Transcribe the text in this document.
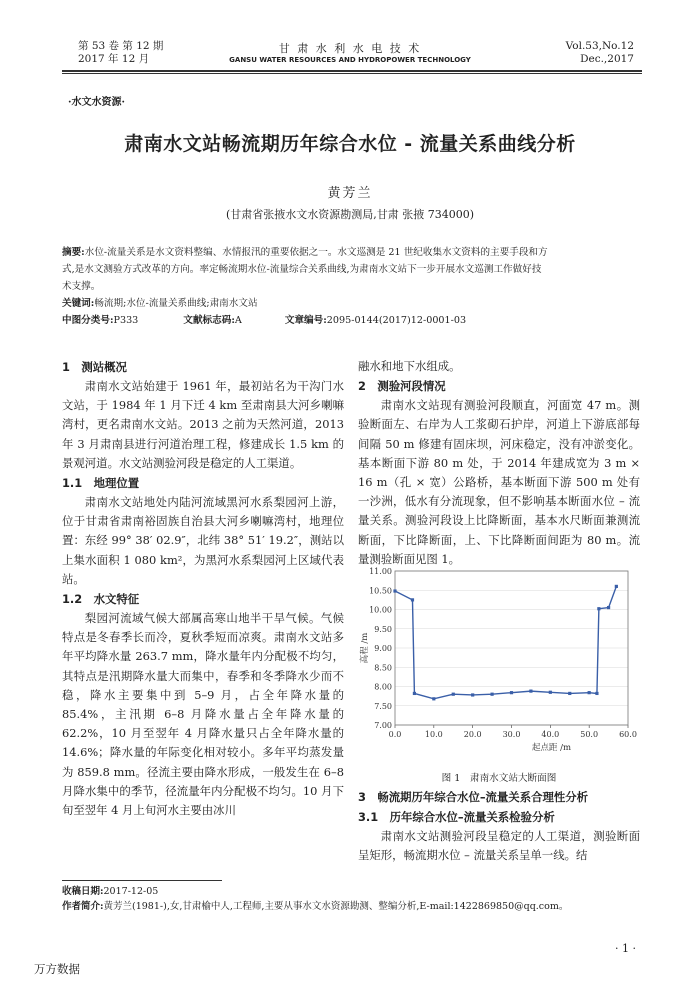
第 53 卷 第 12 期
2017 年 12 月
甘 肃 水 利 水 电 技 术
GANSU WATER RESOURCES AND HYDROPOWER TECHNOLOGY
Vol.53,No.12
Dec.,2017
·水文水资源·
肃南水文站畅流期历年综合水位 - 流量关系曲线分析
黄芳兰
(甘肃省张掖水文水资源勘测局,甘肃 张掖 734000)
摘要:水位-流量关系是水文资料整编、水情报汛的重要依据之一。水文巡测是 21 世纪收集水文资料的主要手段和方
式,是水文测验方式改革的方向。率定畅流期水位-流量综合关系曲线,为肃南水文站下一步开展水文巡测工作做好技
术支撑。
关键词:畅流期;水位-流量关系曲线;肃南水文站
中图分类号:P333	文献标志码:A	文章编号:2095-0144(2017)12-0001-03
1　测站概况

肃南水文站始建于 1961 年，最初站名为干沟门水文站，于 1984 年 1 月下迁 4 km 至肃南县大河乡喇嘛湾村，更名肃南水文站。2013 之前为天然河道，2013 年 3 月肃南县进行河道治理工程，修建成长 1.5 km 的景观河道。水文站测验河段是稳定的人工渠道。

1.1　地理位置

肃南水文站地处内陆河流域黑河水系梨园河上游，位于甘肃省肃南裕固族自治县大河乡喇嘛湾村，地理位置：东经 99° 38′ 02.9″，北纬 38° 51′ 19.2″，测站以上集水面积 1 080 km²，为黑河水系梨园河上区域代表站。

1.2　水文特征

梨园河流域气候大部属高寒山地半干旱气候。气候特点是冬春季长而冷，夏秋季短而凉爽。肃南水文站多年平均降水量 263.7 mm，降水量年内分配极不均匀，其特点是汛期降水量大而集中，春季和冬季降水少而不稳，降水主要集中到 5–9 月，占全年降水量的 85.4%，主汛期 6–8 月降水量占全年降水量的 62.2%，10 月至翌年 4 月降水量只占全年降水量的 14.6%；降水量的年际变化相对较小。多年平均蒸发量为 859.8 mm。径流主要由降水形成，一般发生在 6–8 月降水集中的季节，径流量年内分配极不均匀。10 月下旬至翌年 4 月上旬河水主要由冰川

融水和地下水组成。

2　测验河段情况

肃南水文站现有测验河段顺直，河面宽 47 m。测验断面左、右岸为人工浆砌石护岸，河道上下游底部每间隔 50 m 修建有固床坝，河床稳定，没有冲淤变化。基本断面下游 80 m 处，于 2014 年建成宽为 3 m × 16 m（孔 × 宽）公路桥，基本断面下游 500 m 处有一沙洲，低水有分流现象，但不影响基本断面水位 – 流量关系。测验河段设上比降断面，基本水尺断面兼测流断面，下比降断面，上、下比降断面间距为 80 m。流量测验断面见图 1。

7.00
7.50
8.00
8.50
9.00
9.50
10.00
10.50
11.00
0.0	10.0	20.0	30.0	40.0	50.0	60.0
起点距 /m
高程 /m
图 1　肃南水文站大断面图
3　畅流期历年综合水位–流量关系合理性分析
3.1　历年综合水位–流量关系检验分析

肃南水文站测验河段呈稳定的人工渠道，测验断面呈矩形，畅流期水位 – 流量关系呈单一线。结

收稿日期:2017-12-05
作者简介:黄芳兰(1981-),女,甘肃榆中人,工程师,主要从事水文水资源勘测、整编分析,E-mail:1422869850@qq.com。
· 1 ·
万方数据
